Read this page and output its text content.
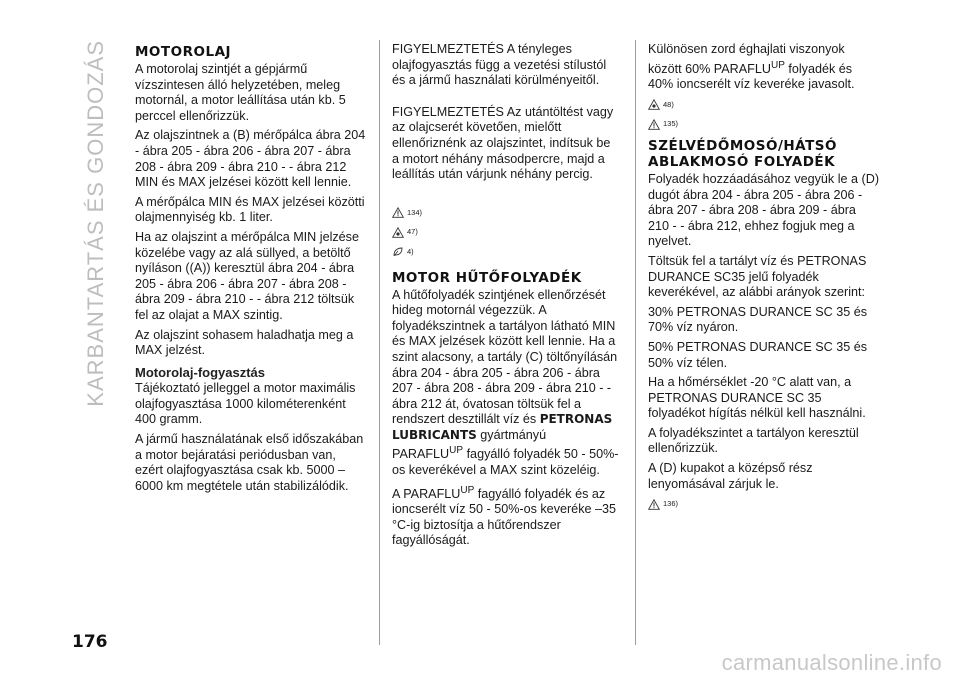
KARBANTARTÁS ÉS GONDOZÁS MOTOROLAJ

A motorolaj szintjét a gépjármű vízszintesen álló helyzetében, meleg motornál, a motor leállítása után kb. 5 perccel ellenőrizzük.

Az olajszintnek a (B) mérőpálca ábra 204 - ábra 205 - ábra 206 - ábra 207 - ábra 208 - ábra 209 - ábra 210 - - ábra 212 MIN és MAX jelzései között kell lennie.

A mérőpálca MIN és MAX jelzései közötti olajmennyiség kb. 1 liter.

Ha az olajszint a mérőpálca MIN jelzése közelébe vagy az alá süllyed, a betöltő nyíláson ((A)) keresztül ábra 204 - ábra 205 - ábra 206 - ábra 207 - ábra 208 - ábra 209 - ábra 210 - - ábra 212 töltsük fel az olajat a MAX szintig.

Az olajszint sohasem haladhatja meg a MAX jelzést.

Motorolaj-fogyasztás

Tájékoztató jelleggel a motor maximális olajfogyasztása 1000 kilométerenként 400 gramm.

A jármű használatának első időszakában a motor bejáratási periódusban van, ezért olajfogyasztása csak kb. 5000 – 6000 km megtétele után stabilizálódik.

FIGYELMEZTETÉS A tényleges olajfogyasztás függ a vezetési stílustól és a jármű használati körülményeitől.

FIGYELMEZTETÉS Az utántöltést vagy az olajcserét követően, mielőtt ellenőriznénk az olajszintet, indítsuk be a motort néhány másodpercre, majd a leállítás után várjunk néhány percig.

134)
47)
4)
MOTOR HŰTŐFOLYADÉK

A hűtőfolyadék szintjének ellenőrzését hideg motornál végezzük. A folyadékszintnek a tartályon látható MIN és MAX jelzések között kell lennie. Ha a szint alacsony, a tartály (C) töltőnyílásán ábra 204 - ábra 205 - ábra 206 - ábra 207 - ábra 208 - ábra 209 - ábra 210 - - ábra 212 át, óvatosan töltsük fel a rendszert desztillált víz és PETRONAS LUBRICANTS gyártmányú $PARAFLU^{UP}$ fagyálló folyadék 50 - 50%-os keverékével a MAX szint közeléig.

A $PARAFLU^{UP}$ fagyálló folyadék és az ioncserélt víz 50 - 50%-os keveréke –35 °C-ig biztosítja a hűtőrendszer fagyállóságát.

Különösen zord éghajlati viszonyok között 60% $PARAFLU^{UP}$ folyadék és 40% ioncserélt víz keveréke javasolt.

48)
135)
SZÉLVÉDŐMOSÓ/HÁTSÓ ABLAKMOSÓ FOLYADÉK

Folyadék hozzáadásához vegyük le a (D) dugót ábra 204 - ábra 205 - ábra 206 - ábra 207 - ábra 208 - ábra 209 - ábra 210 - - ábra 212, ehhez fogjuk meg a nyelvet.

Töltsük fel a tartályt víz és PETRONAS DURANCE SC35 jelű folyadék keverékével, az alábbi arányok szerint:

30% PETRONAS DURANCE SC 35 és 70% víz nyáron.

50% PETRONAS DURANCE SC 35 és 50% víz télen.

Ha a hőmérséklet -20 °C alatt van, a PETRONAS DURANCE SC 35 folyadékot hígítás nélkül kell használni.

A folyadékszintet a tartályon keresztül ellenőrizzük.

A (D) kupakot a középső rész lenyomásával zárjuk le.

136)
176
carmanualsonline.info
